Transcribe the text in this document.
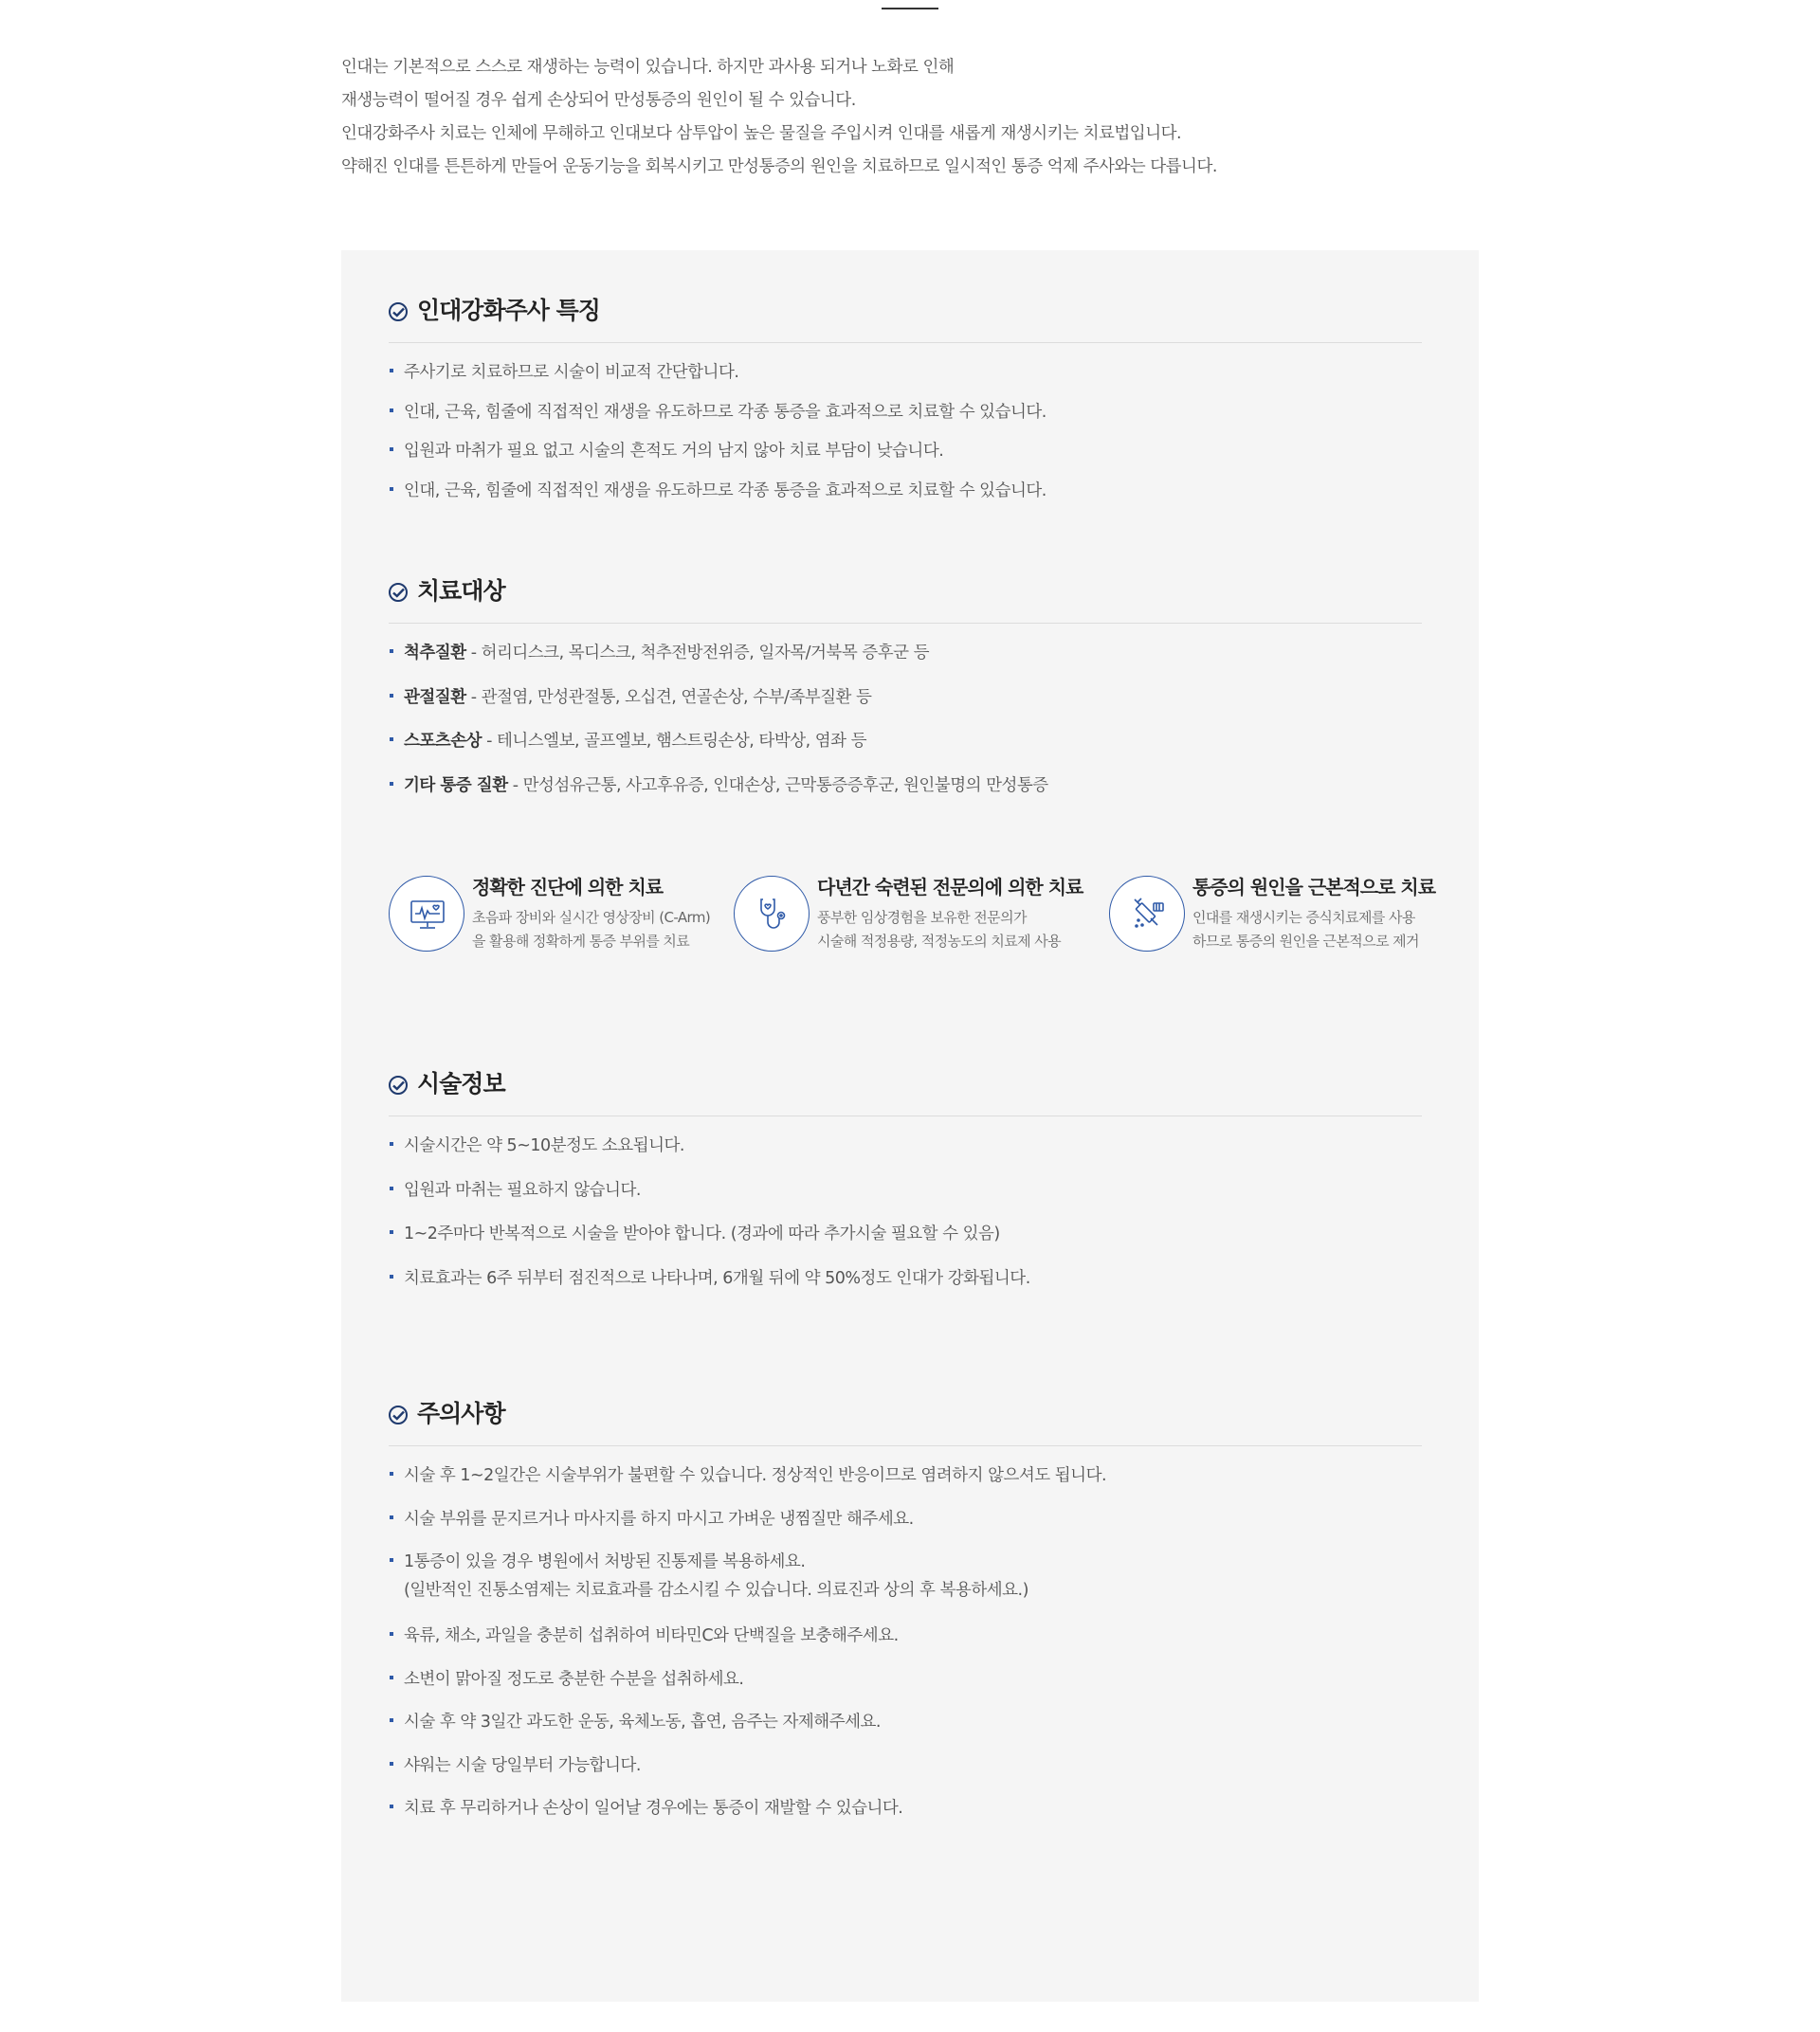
인대는 기본적으로 스스로 재생하는 능력이 있습니다. 하지만 과사용 되거나 노화로 인해

재생능력이 떨어질 경우 쉽게 손상되어 만성통증의 원인이 될 수 있습니다.

인대강화주사 치료는 인체에 무해하고 인대보다 삼투압이 높은 물질을 주입시켜 인대를 새롭게 재생시키는 치료법입니다.

약해진 인대를 튼튼하게 만들어 운동기능을 회복시키고 만성통증의 원인을 치료하므로 일시적인 통증 억제 주사와는 다릅니다.

인대강화주사 특징
주사기로 치료하므로 시술이 비교적 간단합니다.
인대, 근육, 힘줄에 직접적인 재생을 유도하므로 각종 통증을 효과적으로 치료할 수 있습니다.
입원과 마취가 필요 없고 시술의 흔적도 거의 남지 않아 치료 부담이 낮습니다.
인대, 근육, 힘줄에 직접적인 재생을 유도하므로 각종 통증을 효과적으로 치료할 수 있습니다.
치료대상
척추질환 - 허리디스크, 목디스크, 척추전방전위증, 일자목/거북목 증후군 등
관절질환 - 관절염, 만성관절통, 오십견, 연골손상, 수부/족부질환 등
스포츠손상 - 테니스엘보, 골프엘보, 햄스트링손상, 타박상, 염좌 등
기타 통증 질환 - 만성섬유근통, 사고후유증, 인대손상, 근막통증증후군, 원인불명의 만성통증
정확한 진단에 의한 치료
초음파 장비와 실시간 영상장비 (C-Arm)
을 활용해 정확하게 통증 부위를 치료
다년간 숙련된 전문의에 의한 치료
풍부한 임상경험을 보유한 전문의가
시술해 적정용량, 적정농도의 치료제 사용
통증의 원인을 근본적으로 치료
인대를 재생시키는 증식치료제를 사용
하므로 통증의 원인을 근본적으로 제거
시술정보
시술시간은 약 5~10분정도 소요됩니다.
입원과 마취는 필요하지 않습니다.
1~2주마다 반복적으로 시술을 받아야 합니다. (경과에 따라 추가시술 필요할 수 있음)
치료효과는 6주 뒤부터 점진적으로 나타나며, 6개월 뒤에 약 50%정도 인대가 강화됩니다.
주의사항
시술 후 1~2일간은 시술부위가 불편할 수 있습니다. 정상적인 반응이므로 염려하지 않으셔도 됩니다.
시술 부위를 문지르거나 마사지를 하지 마시고 가벼운 냉찜질만 해주세요.
1통증이 있을 경우 병원에서 처방된 진통제를 복용하세요.
(일반적인 진통소염제는 치료효과를 감소시킬 수 있습니다. 의료진과 상의 후 복용하세요.)
육류, 채소, 과일을 충분히 섭취하여 비타민C와 단백질을 보충해주세요.
소변이 맑아질 정도로 충분한 수분을 섭취하세요.
시술 후 약 3일간 과도한 운동, 육체노동, 흡연, 음주는 자제해주세요.
샤워는 시술 당일부터 가능합니다.
치료 후 무리하거나 손상이 일어날 경우에는 통증이 재발할 수 있습니다.
